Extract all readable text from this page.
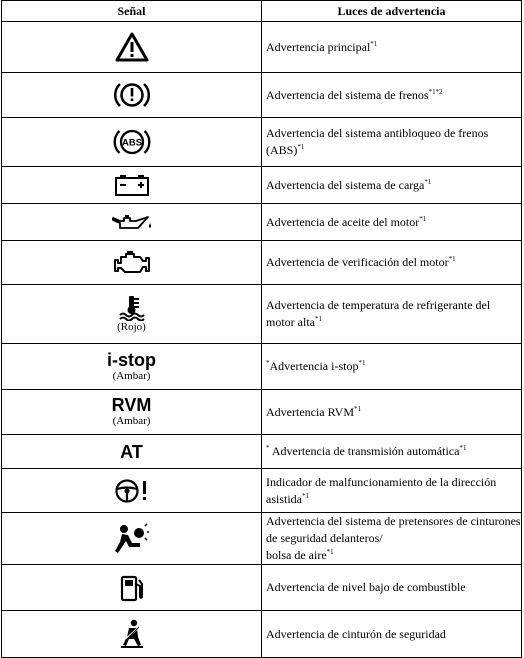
Señal	Luces de advertencia

	Advertencia principal$^{*1}$

	Advertencia del sistema de frenos$^{*1*2}$

ABS	Advertencia del sistema antibloqueo de frenos (ABS)$^{*1}$

	Advertencia del sistema de carga$^{*1}$

	Advertencia de aceite del motor$^{*1}$

	Advertencia de verificación del motor$^{*1}$

(Rojo)	Advertencia de temperatura de refrigerante del motor alta$^{*1}$

i-stop
(Ambar)	*Advertencia i-stop$^{*1}$

RVM
(Ambar)	Advertencia RVM$^{*1}$

AT	* Advertencia de transmisión automática$^{*1}$

	Indicador de malfuncionamiento de la dirección asistida$^{*1}$

	Advertencia del sistema de pretensores de cinturones de seguridad delanteros/
bolsa de aire$^{*1}$

	Advertencia de nivel bajo de combustible

	Advertencia de cinturón de seguridad
